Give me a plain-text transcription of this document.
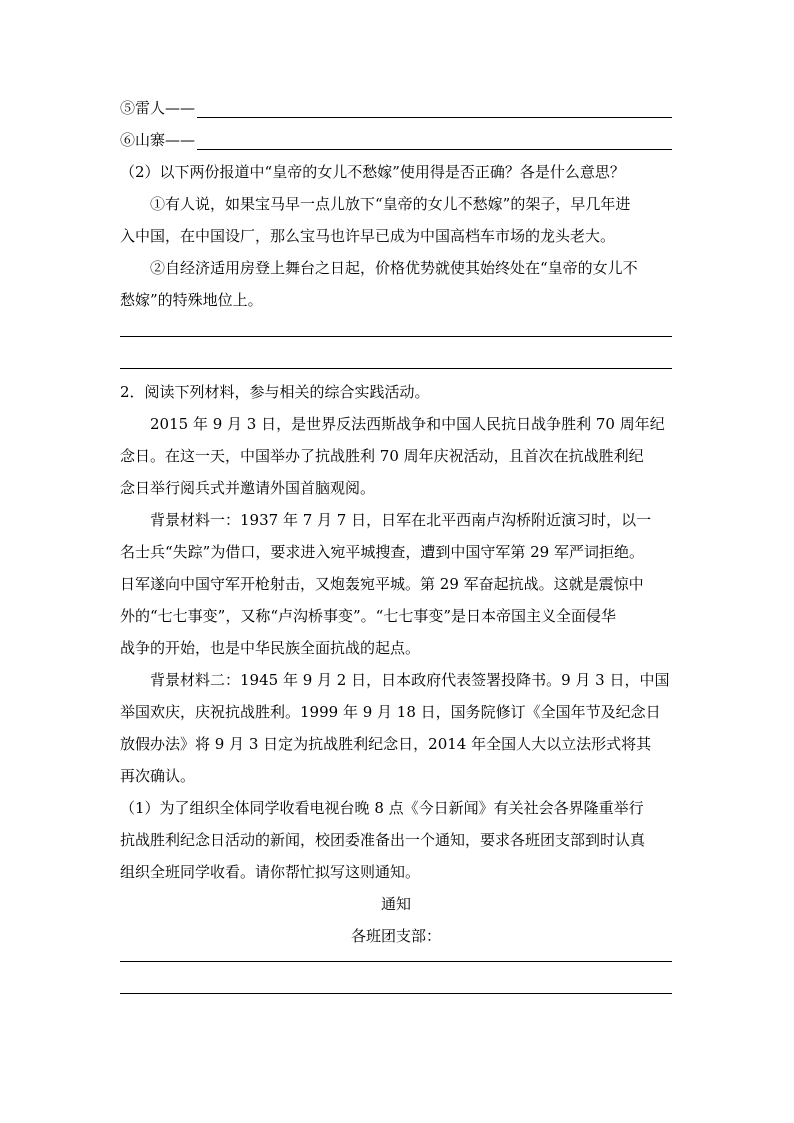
⑤雷人——
⑥山寨——
（2）以下两份报道中“皇帝的女儿不愁嫁”使用得是否正确？各是什么意思？
①有人说，如果宝马早一点儿放下“皇帝的女儿不愁嫁”的架子，早几年进
入中国，在中国设厂，那么宝马也许早已成为中国高档车市场的龙头老大。
②自经济适用房登上舞台之日起，价格优势就使其始终处在“皇帝的女儿不
愁嫁”的特殊地位上。
2．阅读下列材料，参与相关的综合实践活动。
2015 年 9 月 3 日，是世界反法西斯战争和中国人民抗日战争胜利 70 周年纪
念日。在这一天，中国举办了抗战胜利 70 周年庆祝活动，且首次在抗战胜利纪
念日举行阅兵式并邀请外国首脑观阅。
背景材料一：1937 年 7 月 7 日，日军在北平西南卢沟桥附近演习时，以一
名士兵“失踪”为借口，要求进入宛平城搜查，遭到中国守军第 29 军严词拒绝。
日军遂向中国守军开枪射击，又炮轰宛平城。第 29 军奋起抗战。这就是震惊中
外的“七七事变”，又称“卢沟桥事变”。“七七事变”是日本帝国主义全面侵华
战争的开始，也是中华民族全面抗战的起点。
背景材料二：1945 年 9 月 2 日，日本政府代表签署投降书。9 月 3 日，中国
举国欢庆，庆祝抗战胜利。1999 年 9 月 18 日，国务院修订《全国年节及纪念日
放假办法》将 9 月 3 日定为抗战胜利纪念日，2014 年全国人大以立法形式将其
再次确认。
（1）为了组织全体同学收看电视台晚 8 点《今日新闻》有关社会各界隆重举行
抗战胜利纪念日活动的新闻，校团委准备出一个通知，要求各班团支部到时认真
组织全班同学收看。请你帮忙拟写这则通知。
通知
各班团支部：
